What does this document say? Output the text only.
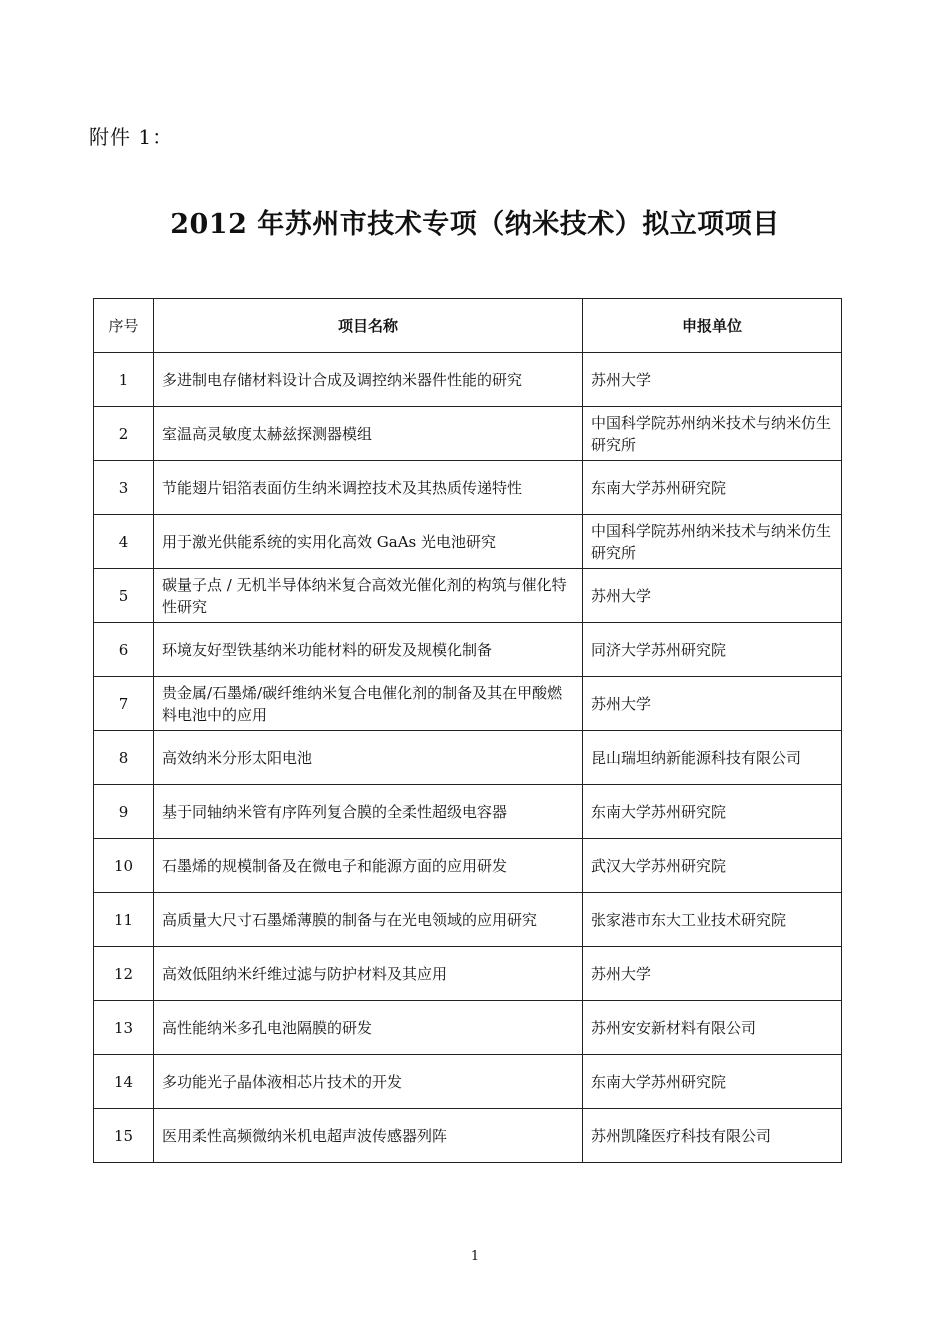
附件 1：
2012 年苏州市技术专项（纳米技术）拟立项项目
序号	项目名称	申报单位
1	多进制电存储材料设计合成及调控纳米器件性能的研究	苏州大学
2	室温高灵敏度太赫兹探测器模组	中国科学院苏州纳米技术与纳米仿生研究所
3	节能翅片铝箔表面仿生纳米调控技术及其热质传递特性	东南大学苏州研究院
4	用于激光供能系统的实用化高效 GaAs 光电池研究	中国科学院苏州纳米技术与纳米仿生研究所
5	碳量子点 / 无机半导体纳米复合高效光催化剂的构筑与催化特性研究	苏州大学
6	环境友好型铁基纳米功能材料的研发及规模化制备	同济大学苏州研究院
7	贵金属/石墨烯/碳纤维纳米复合电催化剂的制备及其在甲酸燃料电池中的应用	苏州大学
8	高效纳米分形太阳电池	昆山瑞坦纳新能源科技有限公司
9	基于同轴纳米管有序阵列复合膜的全柔性超级电容器	东南大学苏州研究院
10	石墨烯的规模制备及在微电子和能源方面的应用研发	武汉大学苏州研究院
11	高质量大尺寸石墨烯薄膜的制备与在光电领域的应用研究	张家港市东大工业技术研究院
12	高效低阻纳米纤维过滤与防护材料及其应用	苏州大学
13	高性能纳米多孔电池隔膜的研发	苏州安安新材料有限公司
14	多功能光子晶体液相芯片技术的开发	东南大学苏州研究院
15	医用柔性高频微纳米机电超声波传感器列阵	苏州凯隆医疗科技有限公司
1
